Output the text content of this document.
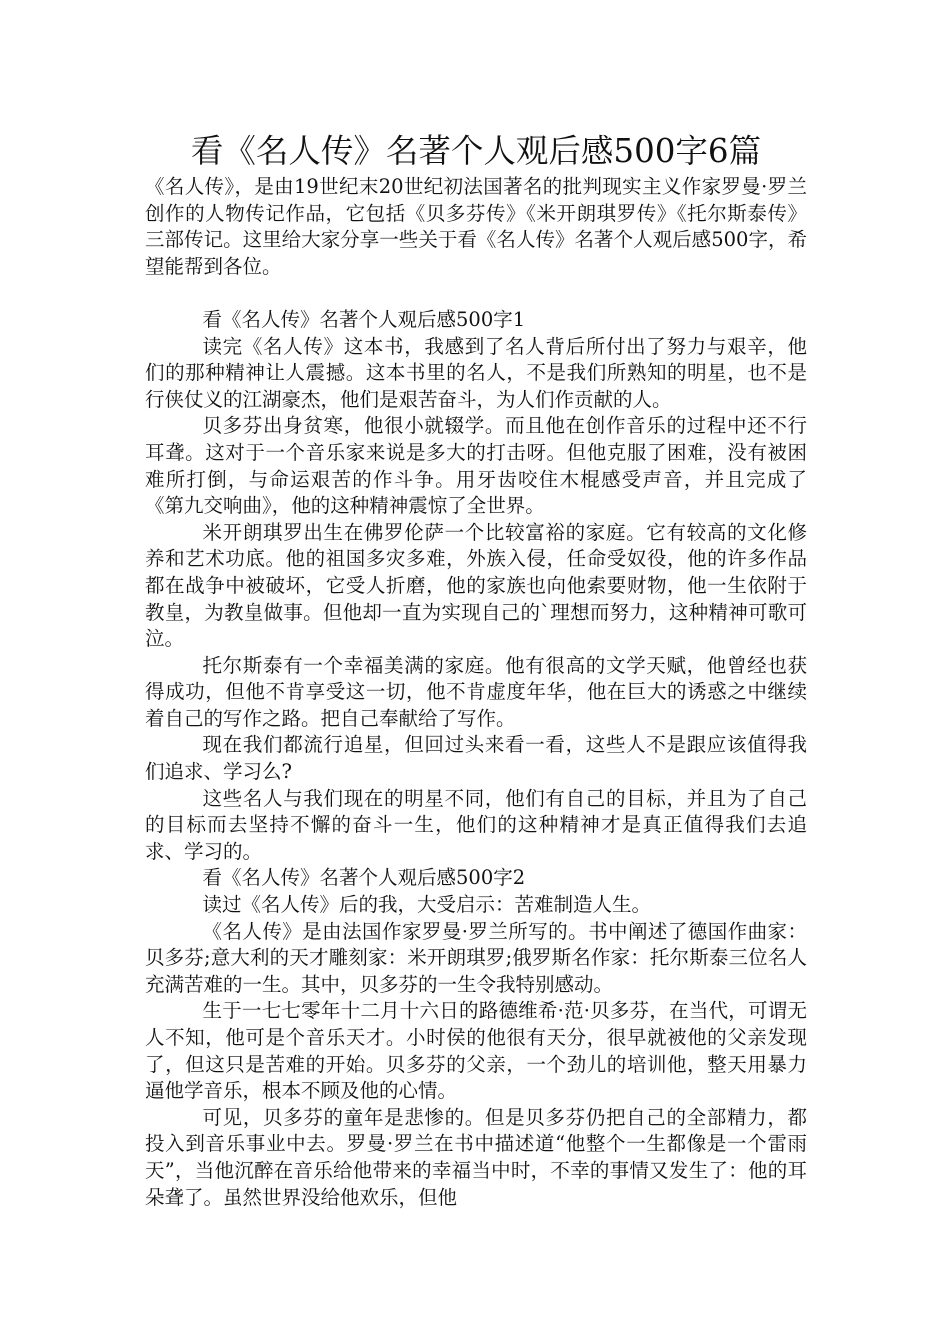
看《名人传》名著个人观后感500字6篇

《名人传》，是由19世纪末20世纪初法国著名的批判现实主义作家罗曼·罗兰创作的人物传记作品，它包括《贝多芬传》《米开朗琪罗传》《托尔斯泰传》三部传记。这里给大家分享一些关于看《名人传》名著个人观后感500字，希望能帮到各位。

看《名人传》名著个人观后感500字1

读完《名人传》这本书，我感到了名人背后所付出了努力与艰辛，他们的那种精神让人震撼。这本书里的名人，不是我们所熟知的明星，也不是行侠仗义的江湖豪杰，他们是艰苦奋斗，为人们作贡献的人。

贝多芬出身贫寒，他很小就辍学。而且他在创作音乐的过程中还不行耳聋。这对于一个音乐家来说是多大的打击呀。但他克服了困难，没有被困难所打倒，与命运艰苦的作斗争。用牙齿咬住木棍感受声音，并且完成了《第九交响曲》，他的这种精神震惊了全世界。

米开朗琪罗出生在佛罗伦萨一个比较富裕的家庭。它有较高的文化修养和艺术功底。他的祖国多灾多难，外族入侵，任命受奴役，他的许多作品都在战争中被破坏，它受人折磨，他的家族也向他索要财物，他一生依附于教皇，为教皇做事。但他却一直为实现自己的`理想而努力，这种精神可歌可泣。

托尔斯泰有一个幸福美满的家庭。他有很高的文学天赋，他曾经也获得成功，但他不肯享受这一切，他不肯虚度年华，他在巨大的诱惑之中继续着自己的写作之路。把自己奉献给了写作。

现在我们都流行追星，但回过头来看一看，这些人不是跟应该值得我们追求、学习么?

这些名人与我们现在的明星不同，他们有自己的目标，并且为了自己的目标而去坚持不懈的奋斗一生，他们的这种精神才是真正值得我们去追求、学习的。

看《名人传》名著个人观后感500字2

读过《名人传》后的我，大受启示：苦难制造人生。

《名人传》是由法国作家罗曼·罗兰所写的。书中阐述了德国作曲家：贝多芬;意大利的天才雕刻家：米开朗琪罗;俄罗斯名作家：托尔斯泰三位名人充满苦难的一生。其中，贝多芬的一生令我特别感动。

生于一七七零年十二月十六日的路德维希·范·贝多芬，在当代，可谓无人不知，他可是个音乐天才。小时侯的他很有天分，很早就被他的父亲发现了，但这只是苦难的开始。贝多芬的父亲，一个劲儿的培训他，整天用暴力逼他学音乐，根本不顾及他的心情。

可见，贝多芬的童年是悲惨的。但是贝多芬仍把自己的全部精力，都投入到音乐事业中去。罗曼·罗兰在书中描述道“他整个一生都像是一个雷雨天”，当他沉醉在音乐给他带来的幸福当中时，不幸的事情又发生了：他的耳朵聋了。虽然世界没给他欢乐，但他
